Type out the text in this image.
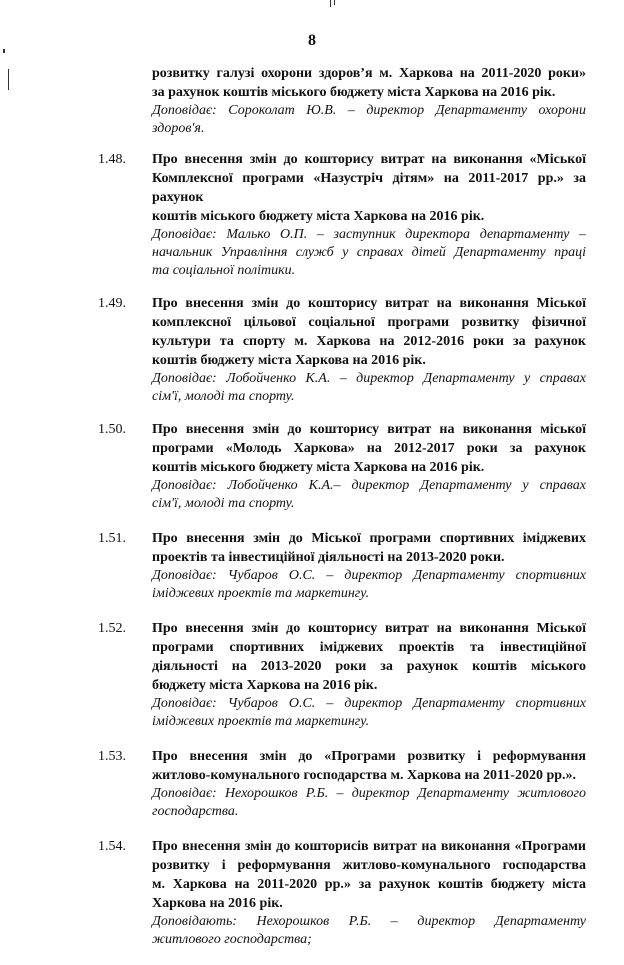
8
розвитку галузі охорони здоров’я м. Харкова на 2011-2020 роки»
за рахунок коштів міського бюджету міста Харкова на 2016 рік.
Доповідає: Сороколат Ю.В. – директор Департаменту охорони
здоров'я.
1.48. Про внесення змін до кошторису витрат на виконання «Міської
Комплексної програми «Назустріч дітям» на 2011-2017 рр.» за рахунок
коштів міського бюджету міста Харкова на 2016 рік.
Доповідає: Малько О.П. – заступник директора департаменту –
начальник Управління служб у справах дітей Департаменту праці
та соціальної політики.
1.49. Про внесення змін до кошторису витрат на виконання Міської
комплексної цільової соціальної програми розвитку фізичної
культури та спорту м. Харкова на 2012-2016 роки за рахунок
коштів бюджету міста Харкова на 2016 рік.
Доповідає: Лобойченко К.А. – директор Департаменту у справах
сім'ї, молоді та спорту.
1.50. Про внесення змін до кошторису витрат на виконання міської
програми «Молодь Харкова» на 2012-2017 роки за рахунок
коштів міського бюджету міста Харкова на 2016 рік.
Доповідає: Лобойченко К.А.– директор Департаменту у справах
сім'ї, молоді та спорту.
1.51. Про внесення змін до Міської програми спортивних іміджевих
проектів та інвестиційної діяльності на 2013-2020 роки.
Доповідає: Чубаров О.С. – директор Департаменту спортивних
іміджевих проектів та маркетингу.
1.52. Про внесення змін до кошторису витрат на виконання Міської
програми спортивних іміджевих проектів та інвестиційної
діяльності на 2013-2020 роки за рахунок коштів міського
бюджету міста Харкова на 2016 рік.
Доповідає: Чубаров О.С. – директор Департаменту спортивних
іміджевих проектів та маркетингу.
1.53. Про внесення змін до «Програми розвитку і реформування
житлово-комунального господарства м. Харкова на 2011-2020 рр.».
Доповідає: Нехорошков Р.Б. – директор Департаменту житлового
господарства.
1.54. Про внесення змін до кошторисів витрат на виконання «Програми
розвитку і реформування житлово-комунального господарства
м. Харкова на 2011-2020 рр.» за рахунок коштів бюджету міста
Харкова на 2016 рік.
Доповідають: Нехорошков Р.Б. – директор Департаменту
житлового господарства;
